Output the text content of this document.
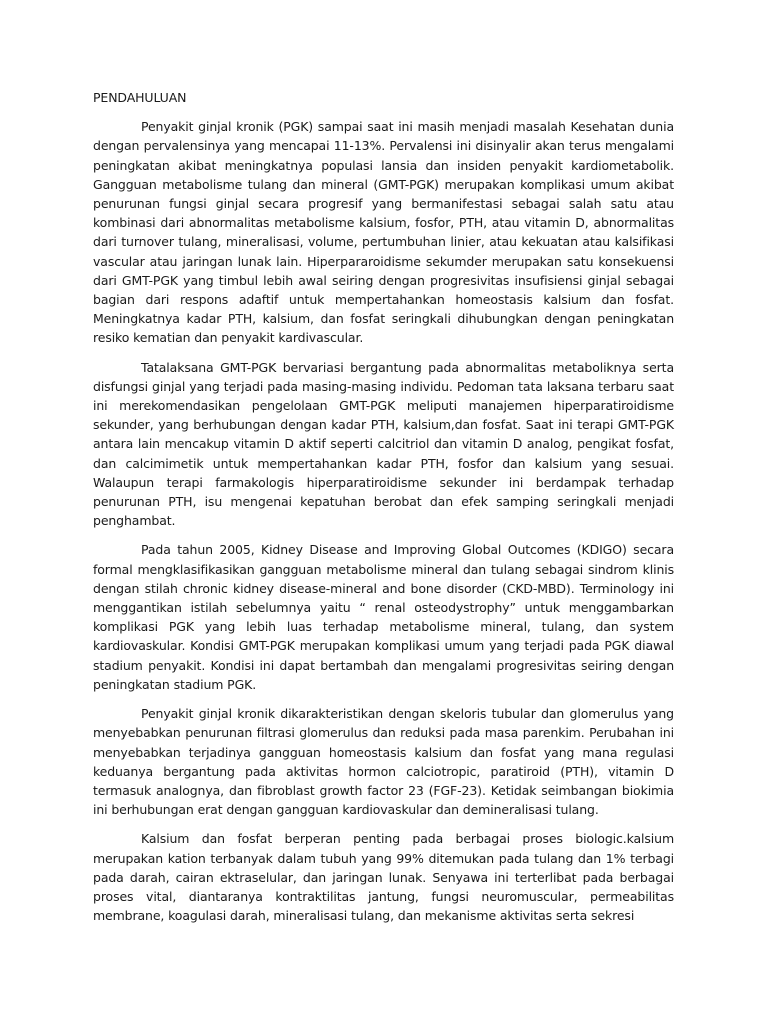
PENDAHULUAN

Penyakit ginjal kronik (PGK) sampai saat ini masih menjadi masalah Kesehatan dunia dengan pervalensinya yang mencapai 11-13%. Pervalensi ini disinyalir akan terus mengalami peningkatan akibat meningkatnya populasi lansia dan insiden penyakit kardiometabolik. Gangguan metabolisme tulang dan mineral (GMT-PGK) merupakan komplikasi umum akibat penurunan fungsi ginjal secara progresif yang bermanifestasi sebagai salah satu atau kombinasi dari abnormalitas metabolisme kalsium, fosfor, PTH, atau vitamin D, abnormalitas dari turnover tulang, mineralisasi, volume, pertumbuhan linier, atau kekuatan atau kalsifikasi vascular atau jaringan lunak lain. Hiperpararoidisme sekumder merupakan satu konsekuensi dari GMT-PGK yang timbul lebih awal seiring dengan progresivitas insufisiensi ginjal sebagai bagian dari respons adaftif untuk mempertahankan homeostasis kalsium dan fosfat. Meningkatnya kadar PTH, kalsium, dan fosfat seringkali dihubungkan dengan peningkatan resiko kematian dan penyakit kardivascular.

Tatalaksana GMT-PGK bervariasi bergantung pada abnormalitas metaboliknya serta disfungsi ginjal yang terjadi pada masing-masing individu. Pedoman tata laksana terbaru saat ini merekomendasikan pengelolaan GMT-PGK meliputi manajemen hiperparatiroidisme sekunder, yang berhubungan dengan kadar PTH, kalsium,dan fosfat. Saat ini terapi GMT-PGK antara lain mencakup vitamin D aktif seperti calcitriol dan vitamin D analog, pengikat fosfat, dan calcimimetik untuk mempertahankan kadar PTH, fosfor dan kalsium yang sesuai. Walaupun terapi farmakologis hiperparatiroidisme sekunder ini berdampak terhadap penurunan PTH, isu mengenai kepatuhan berobat dan efek samping seringkali menjadi penghambat.

Pada tahun 2005, Kidney Disease and Improving Global Outcomes (KDIGO) secara formal mengklasifikasikan gangguan metabolisme mineral dan tulang sebagai sindrom klinis dengan stilah chronic kidney disease-mineral and bone disorder (CKD-MBD). Terminology ini menggantikan istilah sebelumnya yaitu “ renal osteodystrophy” untuk menggambarkan komplikasi PGK yang lebih luas terhadap metabolisme mineral, tulang, dan system kardiovaskular. Kondisi GMT-PGK merupakan komplikasi umum yang terjadi pada PGK diawal stadium penyakit. Kondisi ini dapat bertambah dan mengalami progresivitas seiring dengan peningkatan stadium PGK.

Penyakit ginjal kronik dikarakteristikan dengan skeloris tubular dan glomerulus yang menyebabkan penurunan filtrasi glomerulus dan reduksi pada masa parenkim. Perubahan ini menyebabkan terjadinya gangguan homeostasis kalsium dan fosfat yang mana regulasi keduanya bergantung pada aktivitas hormon calciotropic, paratiroid (PTH), vitamin D termasuk analognya, dan fibroblast growth factor 23 (FGF-23). Ketidak seimbangan biokimia ini berhubungan erat dengan gangguan kardiovaskular dan demineralisasi tulang.

Kalsium dan fosfat berperan penting pada berbagai proses biologic.kalsium merupakan kation terbanyak dalam tubuh yang 99% ditemukan pada tulang dan 1% terbagi pada darah, cairan ektraselular, dan jaringan lunak. Senyawa ini terterlibat pada berbagai proses vital, diantaranya kontraktilitas jantung, fungsi neuromuscular, permeabilitas membrane, koagulasi darah, mineralisasi tulang, dan mekanisme aktivitas serta sekresi
